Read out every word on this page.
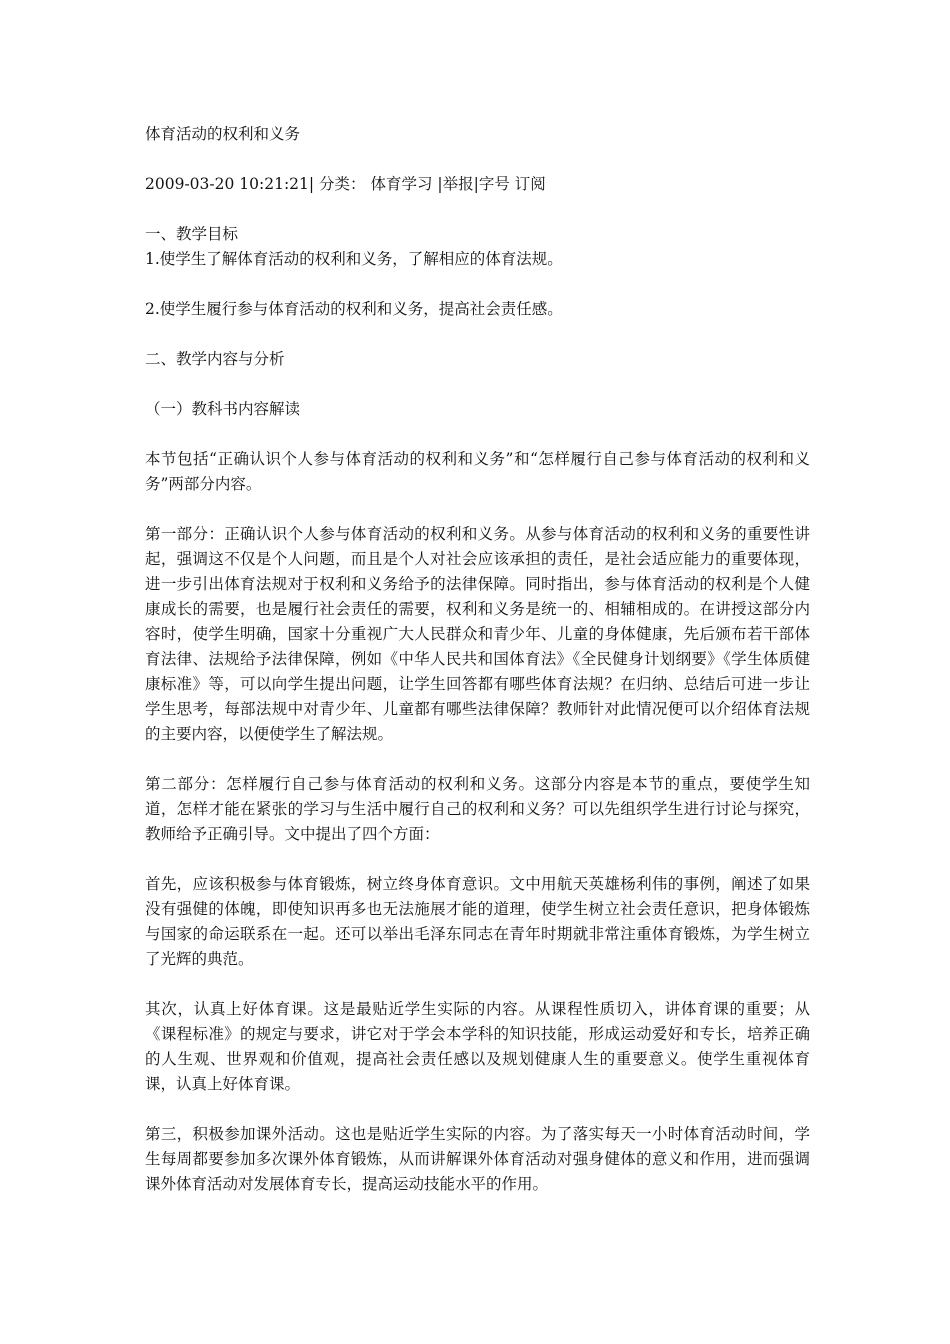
体育活动的权利和义务

2009-03-20 10:21:21| 分类： 体育学习 |举报|字号 订阅

一、教学目标

1.使学生了解体育活动的权利和义务，了解相应的体育法规。

2.使学生履行参与体育活动的权利和义务，提高社会责任感。

二、教学内容与分析

（一）教科书内容解读

本节包括“正确认识个人参与体育活动的权利和义务”和“怎样履行自己参与体育活动的权利和义务”两部分内容。

第一部分：正确认识个人参与体育活动的权利和义务。从参与体育活动的权利和义务的重要性讲起，强调这不仅是个人问题，而且是个人对社会应该承担的责任，是社会适应能力的重要体现，进一步引出体育法规对于权利和义务给予的法律保障。同时指出，参与体育活动的权利是个人健康成长的需要，也是履行社会责任的需要，权利和义务是统一的、相辅相成的。在讲授这部分内容时，使学生明确，国家十分重视广大人民群众和青少年、儿童的身体健康，先后颁布若干部体育法律、法规给予法律保障，例如《中华人民共和国体育法》《全民健身计划纲要》《学生体质健康标准》等，可以向学生提出问题，让学生回答都有哪些体育法规？在归纳、总结后可进一步让学生思考，每部法规中对青少年、儿童都有哪些法律保障？教师针对此情况便可以介绍体育法规的主要内容，以便使学生了解法规。

第二部分：怎样履行自己参与体育活动的权利和义务。这部分内容是本节的重点，要使学生知道，怎样才能在紧张的学习与生活中履行自己的权利和义务？可以先组织学生进行讨论与探究，教师给予正确引导。文中提出了四个方面：

首先，应该积极参与体育锻炼，树立终身体育意识。文中用航天英雄杨利伟的事例，阐述了如果没有强健的体魄，即使知识再多也无法施展才能的道理，使学生树立社会责任意识，把身体锻炼与国家的命运联系在一起。还可以举出毛泽东同志在青年时期就非常注重体育锻炼，为学生树立了光辉的典范。

其次，认真上好体育课。这是最贴近学生实际的内容。从课程性质切入，讲体育课的重要；从《课程标准》的规定与要求，讲它对于学会本学科的知识技能，形成运动爱好和专长，培养正确的人生观、世界观和价值观，提高社会责任感以及规划健康人生的重要意义。使学生重视体育课，认真上好体育课。

第三，积极参加课外活动。这也是贴近学生实际的内容。为了落实每天一小时体育活动时间，学生每周都要参加多次课外体育锻炼，从而讲解课外体育活动对强身健体的意义和作用，进而强调课外体育活动对发展体育专长，提高运动技能水平的作用。
